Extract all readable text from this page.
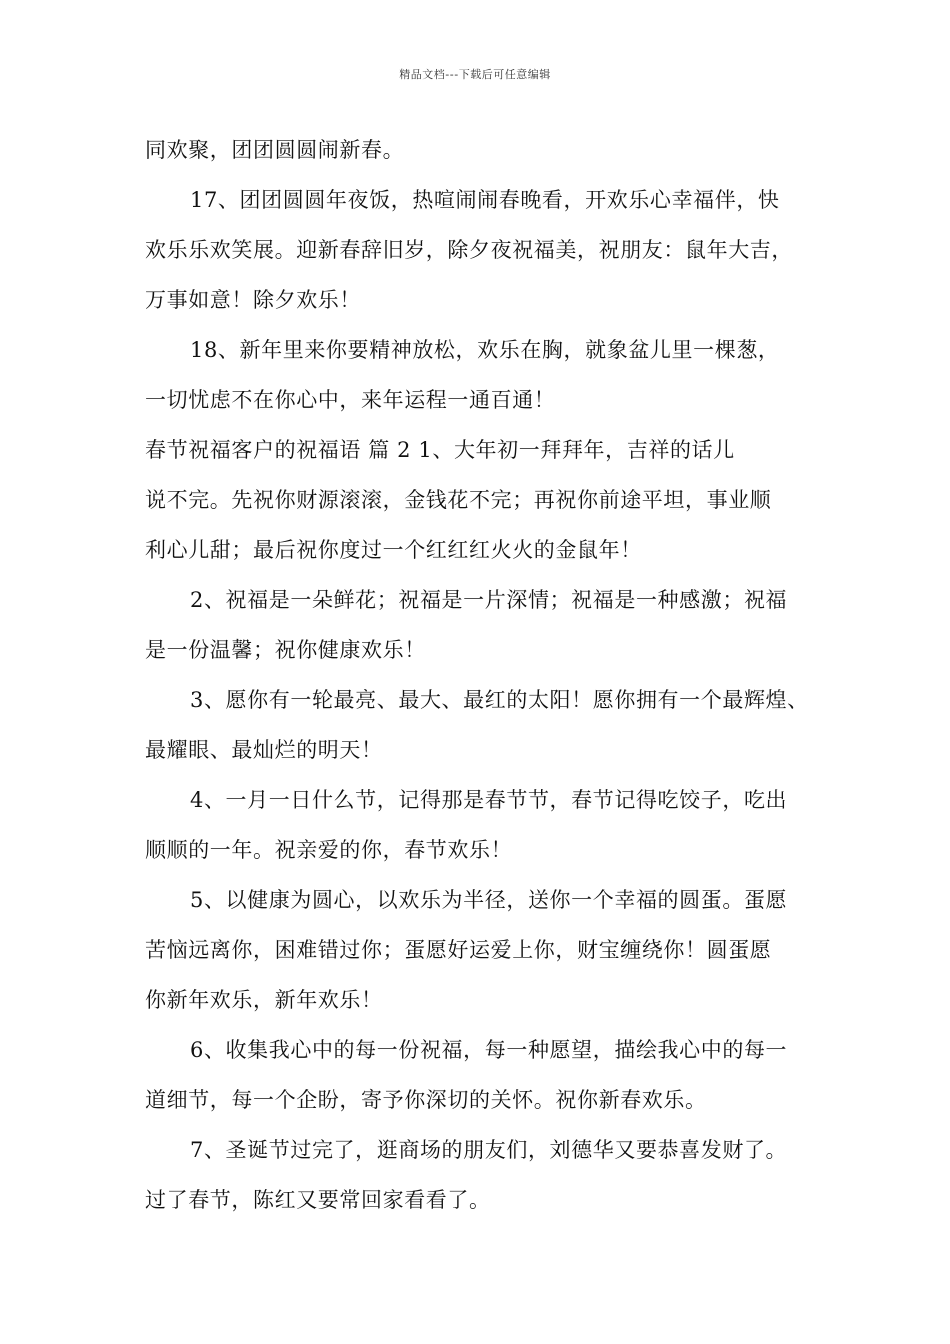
精品文档---下载后可任意编辑
同欢聚，团团圆圆闹新春。
17、团团圆圆年夜饭，热喧闹闹春晚看，开欢乐心幸福伴，快
欢乐乐欢笑展。迎新春辞旧岁，除夕夜祝福美，祝朋友：鼠年大吉，
万事如意！除夕欢乐！
18、新年里来你要精神放松，欢乐在胸，就象盆儿里一棵葱，
一切忧虑不在你心中，来年运程一通百通！
春节祝福客户的祝福语 篇 2 1、大年初一拜拜年，吉祥的话儿
说不完。先祝你财源滚滚，金钱花不完；再祝你前途平坦，事业顺
利心儿甜；最后祝你度过一个红红红火火的金鼠年！
2、祝福是一朵鲜花；祝福是一片深情；祝福是一种感激；祝福
是一份温馨；祝你健康欢乐！
3、愿你有一轮最亮、最大、最红的太阳！愿你拥有一个最辉煌、
最耀眼、最灿烂的明天！
4、一月一日什么节，记得那是春节节，春节记得吃饺子，吃出
顺顺的一年。祝亲爱的你，春节欢乐！
5、以健康为圆心，以欢乐为半径，送你一个幸福的圆蛋。蛋愿
苦恼远离你，困难错过你；蛋愿好运爱上你，财宝缠绕你！圆蛋愿
你新年欢乐，新年欢乐！
6、收集我心中的每一份祝福，每一种愿望，描绘我心中的每一
道细节，每一个企盼，寄予你深切的关怀。祝你新春欢乐。
7、圣诞节过完了，逛商场的朋友们，刘德华又要恭喜发财了。
过了春节，陈红又要常回家看看了。
